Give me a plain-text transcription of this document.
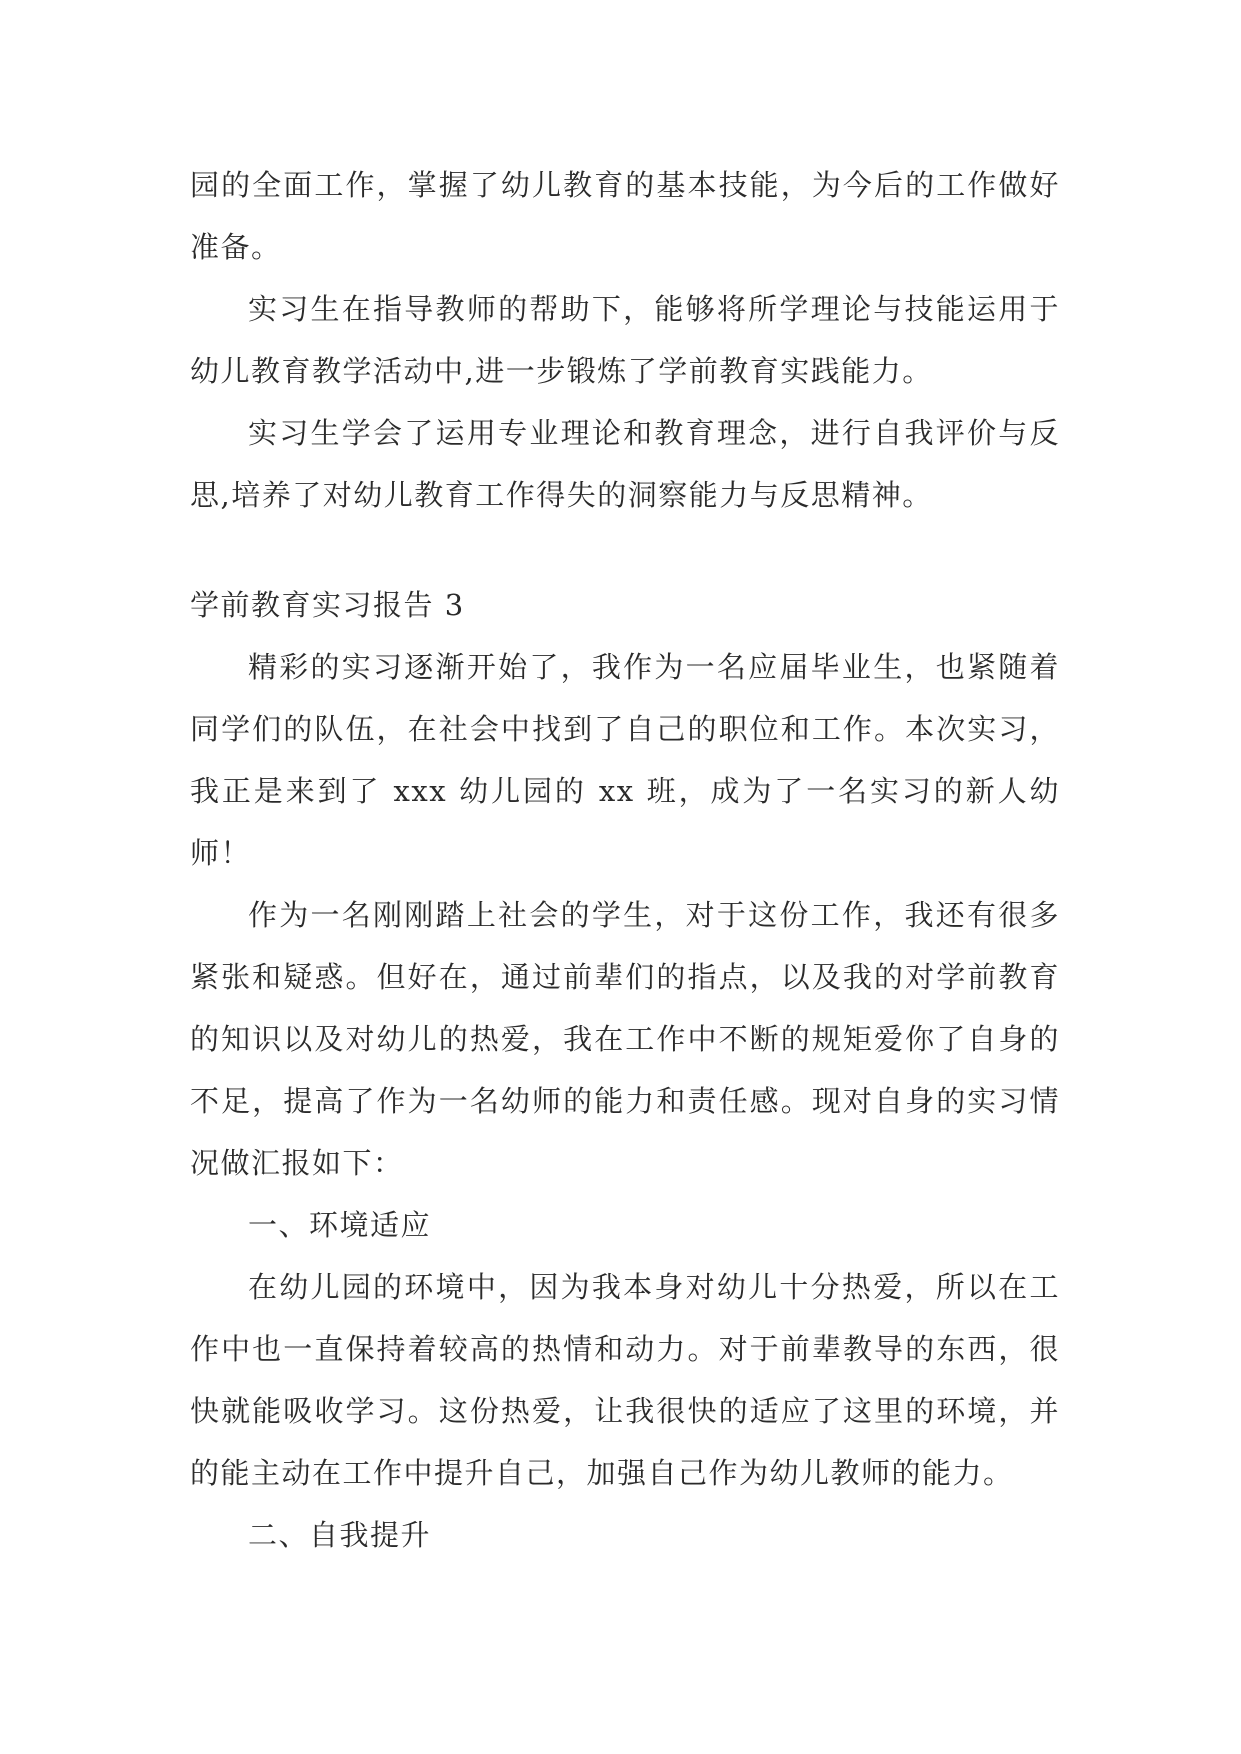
园的全面工作，掌握了幼儿教育的基本技能，为今后的工作做好准备。

实习生在指导教师的帮助下，能够将所学理论与技能运用于幼儿教育教学活动中,进一步锻炼了学前教育实践能力。

实习生学会了运用专业理论和教育理念，进行自我评价与反思,培养了对幼儿教育工作得失的洞察能力与反思精神。

学前教育实习报告 3

精彩的实习逐渐开始了，我作为一名应届毕业生，也紧随着同学们的队伍，在社会中找到了自己的职位和工作。本次实习，我正是来到了 xxx 幼儿园的 xx 班，成为了一名实习的新人幼师！

作为一名刚刚踏上社会的学生，对于这份工作，我还有很多紧张和疑惑。但好在，通过前辈们的指点，以及我的对学前教育的知识以及对幼儿的热爱，我在工作中不断的规矩爱你了自身的不足，提高了作为一名幼师的能力和责任感。现对自身的实习情况做汇报如下：

一、环境适应

在幼儿园的环境中，因为我本身对幼儿十分热爱，所以在工作中也一直保持着较高的热情和动力。对于前辈教导的东西，很快就能吸收学习。这份热爱，让我很快的适应了这里的环境，并的能主动在工作中提升自己，加强自己作为幼儿教师的能力。

二、自我提升
